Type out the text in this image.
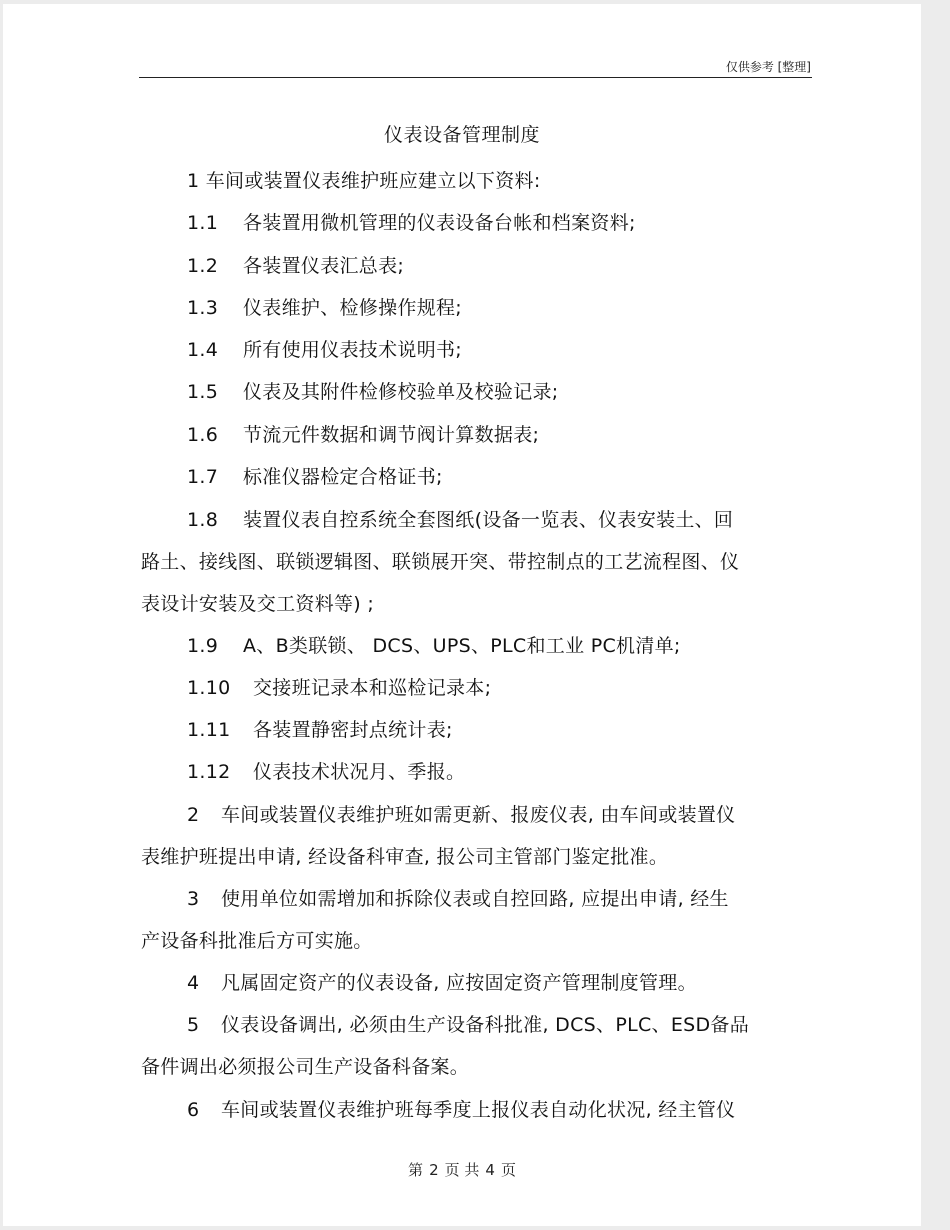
仅供参考 [整理]
仪表设备管理制度
1 车间或装置仪表维护班应建立以下资料:
1.1 各装置用微机管理的仪表设备台帐和档案资料;
1.2 各装置仪表汇总表;
1.3 仪表维护、检修操作规程;
1.4 所有使用仪表技术说明书;
1.5 仪表及其附件检修校验单及校验记录;
1.6 节流元件数据和调节阀计算数据表;
1.7 标准仪器检定合格证书;
1.8 装置仪表自控系统全套图纸(设备一览表、仪表安装土、回
路土、接线图、联锁逻辑图、联锁展开突、带控制点的工艺流程图、仪
表设计安装及交工资料等) ;
1.9 A、B类联锁、 DCS、UPS、PLC和工业 PC机清单;
1.10 交接班记录本和巡检记录本;
1.11 各装置静密封点统计表;
1.12 仪表技术状况月、季报。
2 车间或装置仪表维护班如需更新、报废仪表, 由车间或装置仪
表维护班提出申请, 经设备科审查, 报公司主管部门鉴定批准。
3 使用单位如需增加和拆除仪表或自控回路, 应提出申请, 经生
产设备科批准后方可实施。
4 凡属固定资产的仪表设备, 应按固定资产管理制度管理。
5 仪表设备调出, 必须由生产设备科批准, DCS、PLC、ESD备品
备件调出必须报公司生产设备科备案。
6 车间或装置仪表维护班每季度上报仪表自动化状况, 经主管仪
第 2 页 共 4 页
